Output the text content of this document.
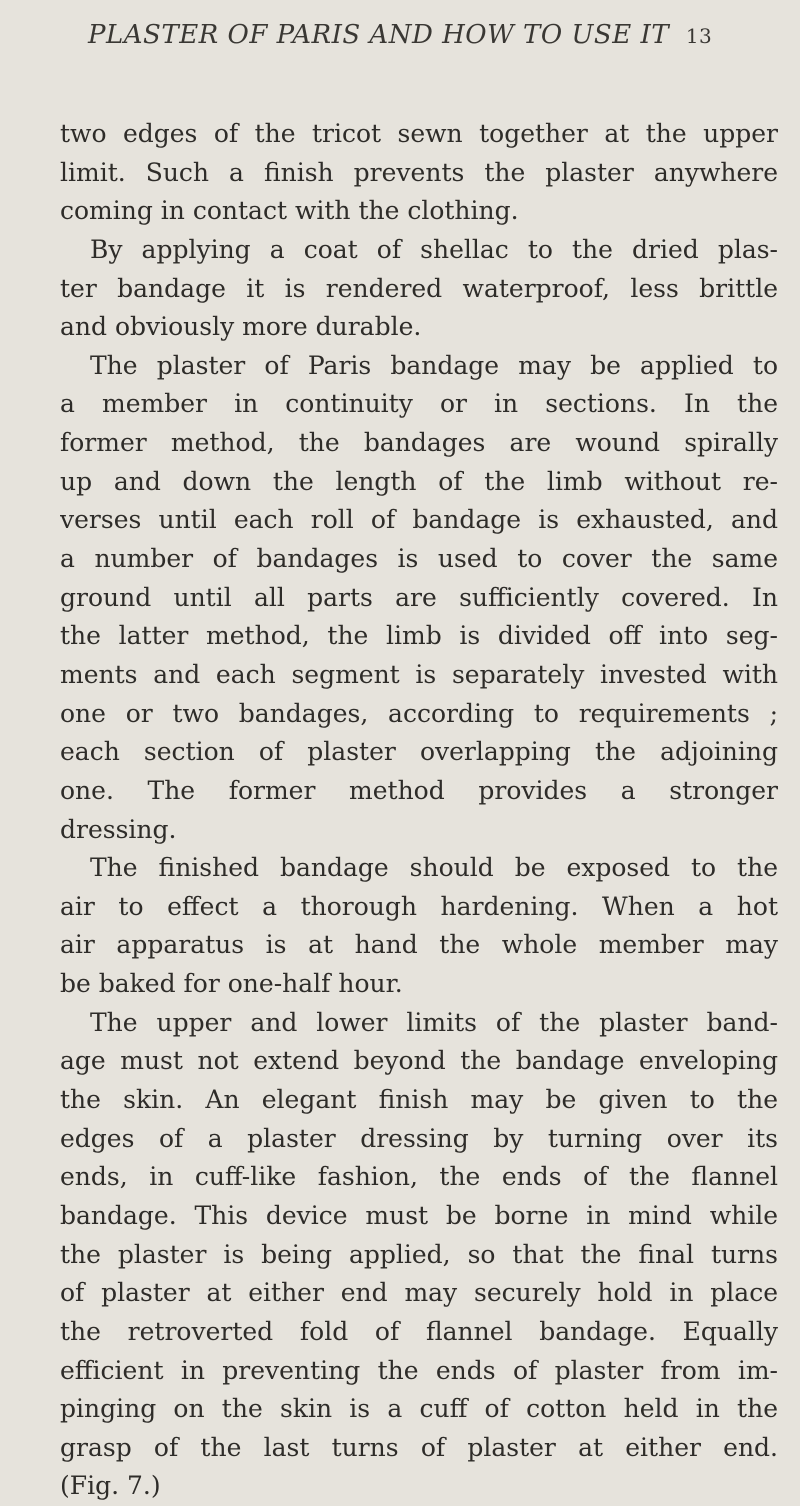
PLASTER OF PARIS AND HOW TO USE IT 13
two edges of the tricot sewn together at the upper
limit. Such a finish prevents the plaster anywhere
coming in contact with the clothing.
By applying a coat of shellac to the dried plas-
ter bandage it is rendered waterproof, less brittle
and obviously more durable.
The plaster of Paris bandage may be applied to
a member in continuity or in sections. In the
former method, the bandages are wound spirally
up and down the length of the limb without re-
verses until each roll of bandage is exhausted, and
a number of bandages is used to cover the same
ground until all parts are sufficiently covered. In
the latter method, the limb is divided off into seg-
ments and each segment is separately invested with
one or two bandages, according to requirements ;
each section of plaster overlapping the adjoining
one. The former method provides a stronger
dressing.
The finished bandage should be exposed to the
air to effect a thorough hardening. When a hot
air apparatus is at hand the whole member may
be baked for one-half hour.
The upper and lower limits of the plaster band-
age must not extend beyond the bandage enveloping
the skin. An elegant finish may be given to the
edges of a plaster dressing by turning over its
ends, in cuff-like fashion, the ends of the flannel
bandage. This device must be borne in mind while
the plaster is being applied, so that the final turns
of plaster at either end may securely hold in place
the retroverted fold of flannel bandage. Equally
efficient in preventing the ends of plaster from im-
pinging on the skin is a cuff of cotton held in the
grasp of the last turns of plaster at either end.
(Fig. 7.)
